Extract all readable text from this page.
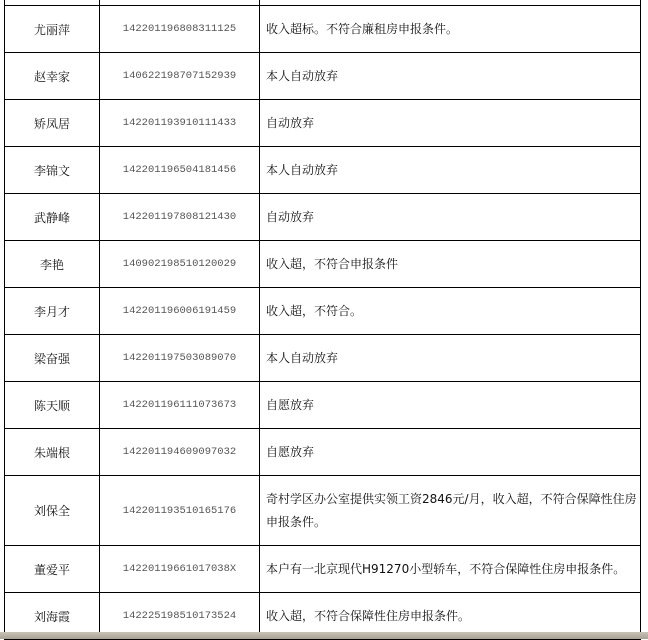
尤丽萍	142201196808311125	收入超标。不符合廉租房申报条件。
赵幸家	140622198707152939	本人自动放弃
矫凤居	142201193910111433	自动放弃
李锦文	142201196504181456	本人自动放弃
武静峰	142201197808121430	自动放弃
李艳	140902198510120029	收入超，不符合申报条件
李月才	142201196006191459	收入超，不符合。
梁奋强	142201197503089070	本人自动放弃
陈天顺	142201196111073673	自愿放弃
朱端根	142201194609097032	自愿放弃
刘保全	142201193510165176	奇村学区办公室提供实领工资2846元/月，收入超，不符合保障性住房申报条件。
董爱平	14220119661017038X	本户有一北京现代H91270小型轿车，不符合保障性住房申报条件。
刘海霞	142225198510173524	收入超，不符合保障性住房申报条件。
